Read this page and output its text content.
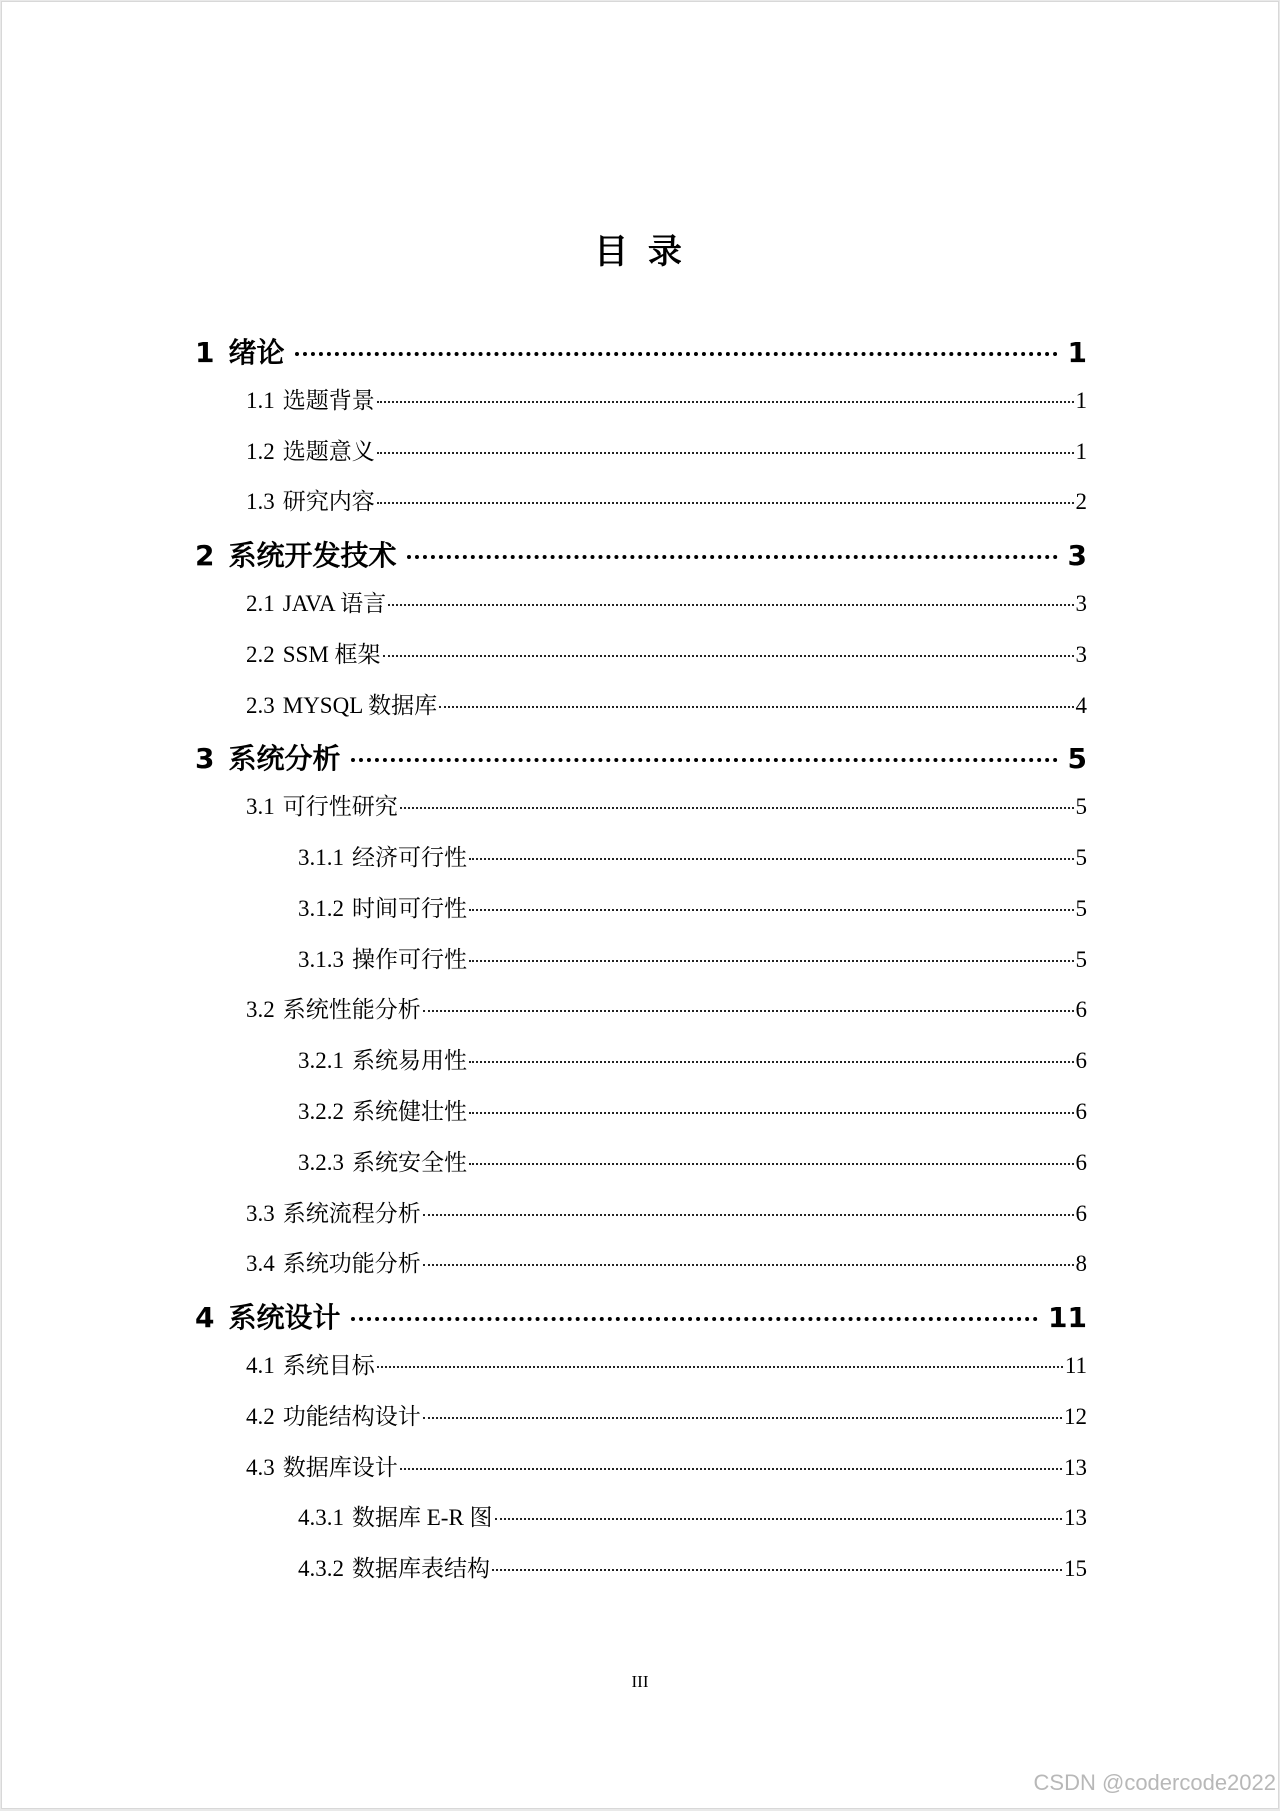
目 录
1 绪论	1
1.1 选题背景	1
1.2 选题意义	1
1.3 研究内容	2
2 系统开发技术	3
2.1 JAVA 语言	3
2.2 SSM 框架	3
2.3 MYSQL 数据库	4
3 系统分析	5
3.1 可行性研究	5
3.1.1 经济可行性	5
3.1.2 时间可行性	5
3.1.3 操作可行性	5
3.2 系统性能分析	6
3.2.1 系统易用性	6
3.2.2 系统健壮性	6
3.2.3 系统安全性	6
3.3 系统流程分析	6
3.4 系统功能分析	8
4 系统设计	11
4.1 系统目标	11
4.2 功能结构设计	12
4.3 数据库设计	13
4.3.1 数据库 E-R 图	13
4.3.2 数据库表结构	15
III
CSDN @codercode2022
